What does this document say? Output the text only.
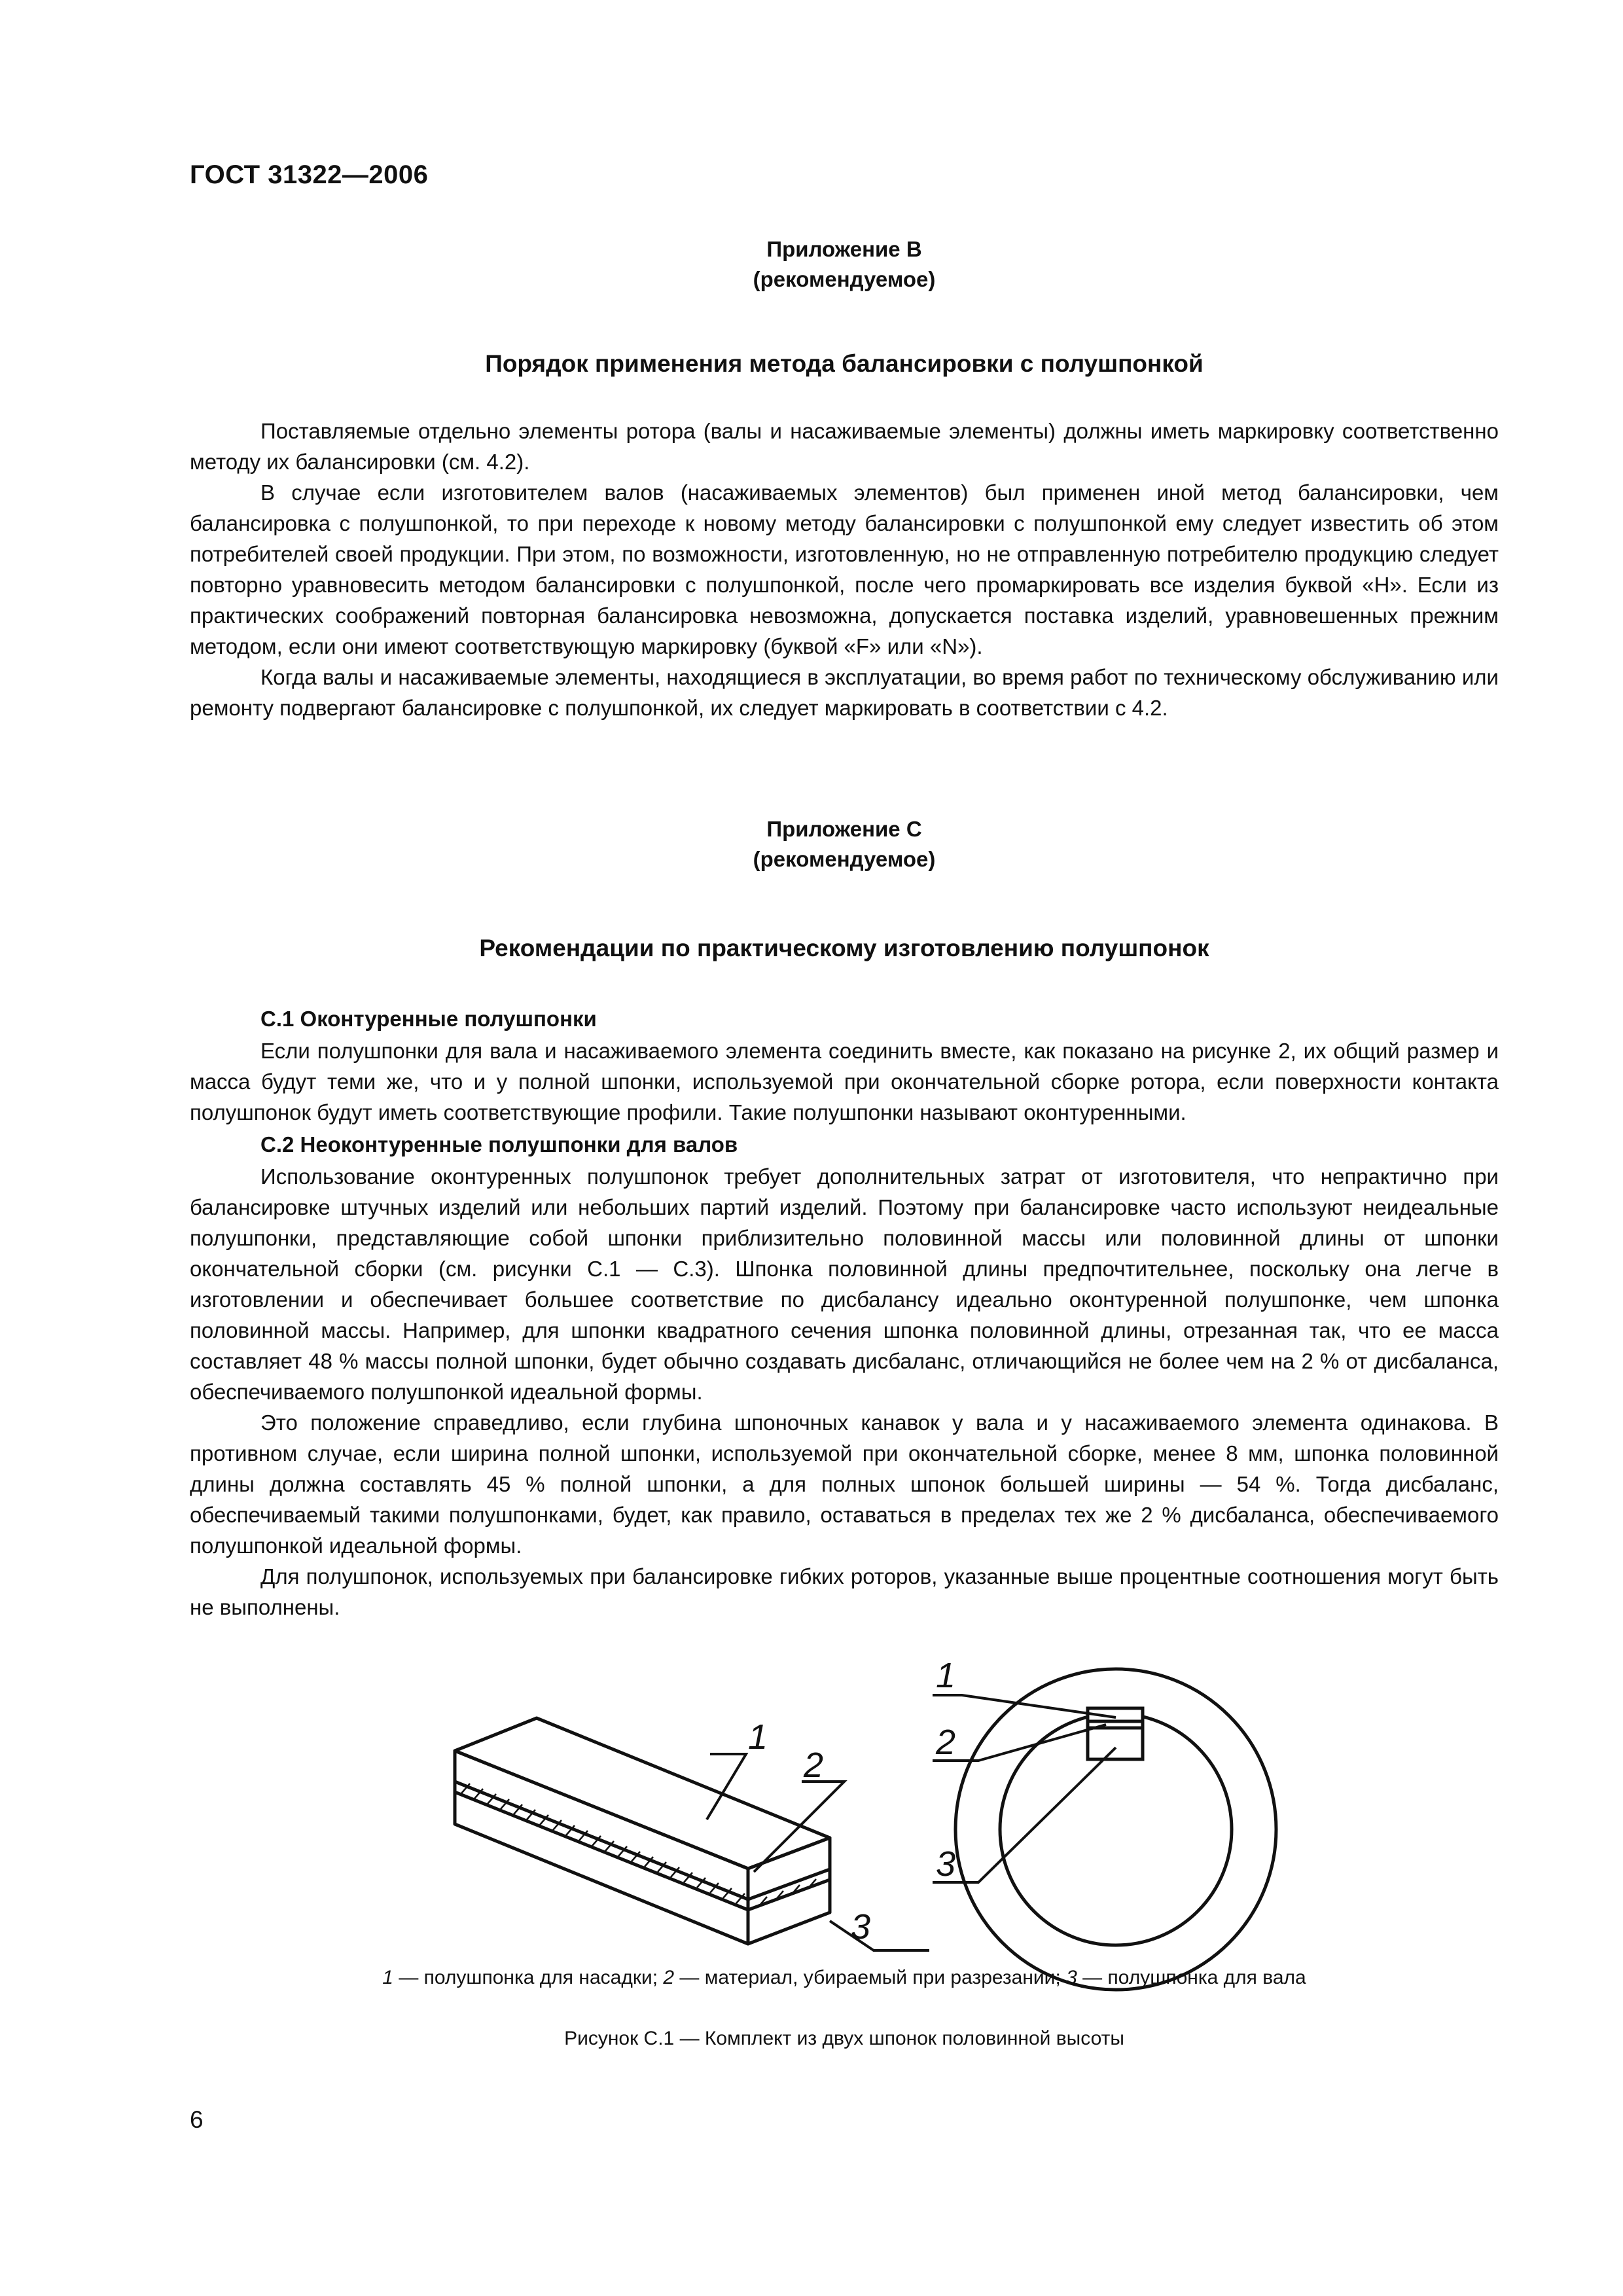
ГОСТ 31322—2006
Приложение В
(рекомендуемое)
Порядок применения метода балансировки с полушпонкой

Поставляемые отдельно элементы ротора (валы и насаживаемые элементы) должны иметь маркировку соответственно методу их балансировки (см. 4.2).

В случае если изготовителем валов (насаживаемых элементов) был применен иной метод балансировки, чем балансировка с полушпонкой, то при переходе к новому методу балансировки с полушпонкой ему следует известить об этом потребителей своей продукции. При этом, по возможности, изготовленную, но не отправленную потребителю продукцию следует повторно уравновесить методом балансировки с полушпонкой, после чего промаркировать все изделия буквой «Н». Если из практических соображений повторная балансировка невозможна, допускается поставка изделий, уравновешенных прежним методом, если они имеют соответствующую маркировку (буквой «F» или «N»).

Когда валы и насаживаемые элементы, находящиеся в эксплуатации, во время работ по техническому обслуживанию или ремонту подвергают балансировке с полушпонкой, их следует маркировать в соответствии с 4.2.

Приложение С
(рекомендуемое)
Рекомендации по практическому изготовлению полушпонок

С.1 Оконтуренные полушпонки

Если полушпонки для вала и насаживаемого элемента соединить вместе, как показано на рисунке 2, их общий размер и масса будут теми же, что и у полной шпонки, используемой при окончательной сборке ротора, если поверхности контакта полушпонок будут иметь соответствующие профили. Такие полушпонки называют оконтуренными.

С.2 Неоконтуренные полушпонки для валов

Использование оконтуренных полушпонок требует дополнительных затрат от изготовителя, что непрактично при балансировке штучных изделий или небольших партий изделий. Поэтому при балансировке часто используют неидеальные полушпонки, представляющие собой шпонки приблизительно половинной массы или половинной длины от шпонки окончательной сборки (см. рисунки С.1 — С.3). Шпонка половинной длины предпочтительнее, поскольку она легче в изготовлении и обеспечивает большее соответствие по дисбалансу идеально оконтуренной полушпонке, чем шпонка половинной массы. Например, для шпонки квадратного сечения шпонка половинной длины, отрезанная так, что ее масса составляет 48 % массы полной шпонки, будет обычно создавать дисбаланс, отличающийся не более чем на 2 % от дисбаланса, обеспечиваемого полушпонкой идеальной формы.

Это положение справедливо, если глубина шпоночных канавок у вала и у насаживаемого элемента одинакова. В противном случае, если ширина полной шпонки, используемой при окончательной сборке, менее 8 мм, шпонка половинной длины должна составлять 45 % полной шпонки, а для полных шпонок большей ширины — 54 %. Тогда дисбаланс, обеспечиваемый такими полушпонками, будет, как правило, оставаться в пределах тех же 2 % дисбаланса, обеспечиваемого полушпонкой идеальной формы.

Для полушпонок, используемых при балансировке гибких роторов, указанные выше процентные соотношения могут быть не выполнены.

1
2
3
1
2
3
1 — полушпонка для насадки; 2 — материал, убираемый при разрезании; 3 — полушпонка для вала
Рисунок С.1 — Комплект из двух шпонок половинной высоты
6
